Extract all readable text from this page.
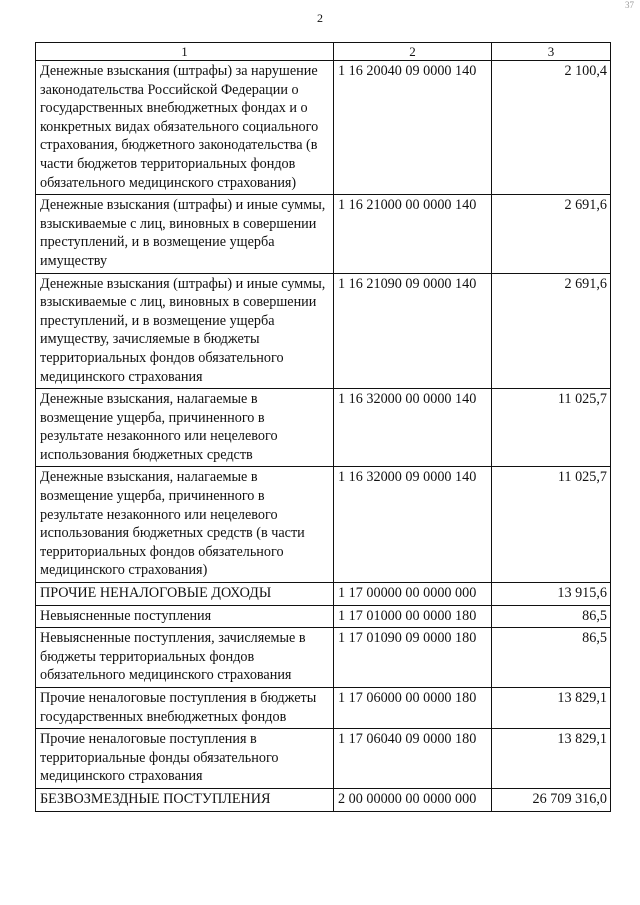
2
37
1	2	3
Денежные взыскания (штрафы) за нарушение законодательства Российской Федерации о государственных внебюджетных фондах и о конкретных видах обязательного социального страхования, бюджетного законодательства (в части бюджетов территориальных фондов обязательного медицинского страхования)	1 16 20040 09 0000 140	2 100,4
Денежные взыскания (штрафы) и иные суммы, взыскиваемые с лиц, виновных в совершении преступлений, и в возмещение ущерба имуществу	1 16 21000 00 0000 140	2 691,6
Денежные взыскания (штрафы) и иные суммы, взыскиваемые с лиц, виновных в совершении преступлений, и в возмещение ущерба имуществу, зачисляемые в бюджеты территориальных фондов обязательного медицинского страхования	1 16 21090 09 0000 140	2 691,6
Денежные взыскания, налагаемые в возмещение ущерба, причиненного в результате незаконного или нецелевого использования бюджетных средств	1 16 32000 00 0000 140	11 025,7
Денежные взыскания, налагаемые в возмещение ущерба, причиненного в результате незаконного или нецелевого использования бюджетных средств (в части территориальных фондов обязательного медицинского страхования)	1 16 32000 09 0000 140	11 025,7
ПРОЧИЕ НЕНАЛОГОВЫЕ ДОХОДЫ	1 17 00000 00 0000 000	13 915,6
Невыясненные поступления	1 17 01000 00 0000 180	86,5
Невыясненные поступления, зачисляемые в бюджеты территориальных фондов обязательного медицинского страхования	1 17 01090 09 0000 180	86,5
Прочие неналоговые поступления в бюджеты государственных внебюджетных фондов	1 17 06000 00 0000 180	13 829,1
Прочие неналоговые поступления в территориальные фонды обязательного медицинского страхования	1 17 06040 09 0000 180	13 829,1
БЕЗВОЗМЕЗДНЫЕ ПОСТУПЛЕНИЯ	2 00 00000 00 0000 000	26 709 316,0
